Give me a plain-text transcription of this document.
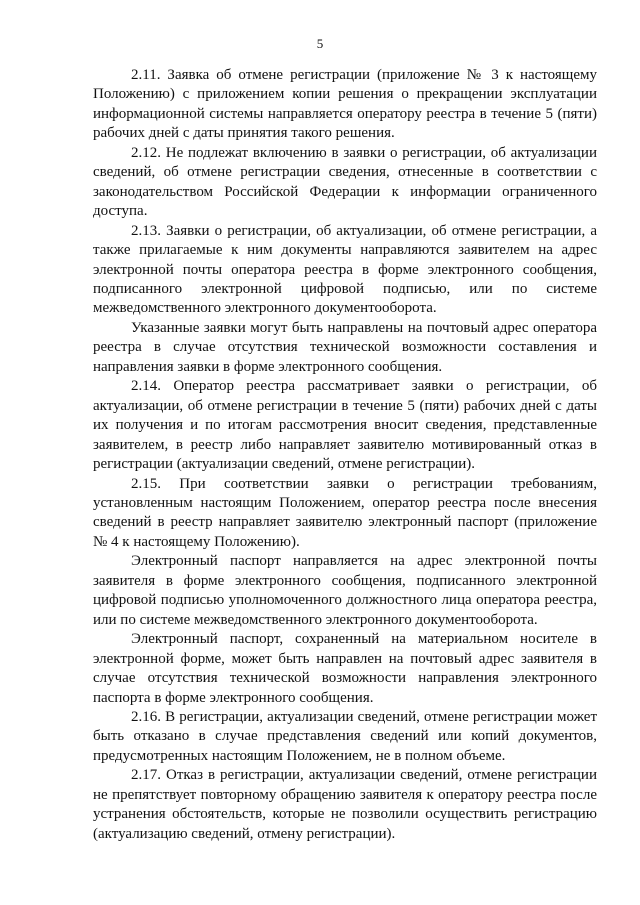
5

2.11. Заявка об отмене регистрации (приложение № 3 к настоящему Положению) с приложением копии решения о прекращении эксплуатации информационной системы направляется оператору реестра в течение 5 (пяти) рабочих дней с даты принятия такого решения.

2.12. Не подлежат включению в заявки о регистрации, об актуализации сведений, об отмене регистрации сведения, отнесенные в соответствии с законодательством Российской Федерации к информации ограниченного доступа.

2.13. Заявки о регистрации, об актуализации, об отмене регистрации, а также прилагаемые к ним документы направляются заявителем на адрес электронной почты оператора реестра в форме электронного сообщения, подписанного электронной цифровой подписью, или по системе межведомственного электронного документооборота.

Указанные заявки могут быть направлены на почтовый адрес оператора реестра в случае отсутствия технической возможности составления и направления заявки в форме электронного сообщения.

2.14. Оператор реестра рассматривает заявки о регистрации, об актуализации, об отмене регистрации в течение 5 (пяти) рабочих дней с даты их получения и по итогам рассмотрения вносит сведения, представленные заявителем, в реестр либо направляет заявителю мотивированный отказ в регистрации (актуализации сведений, отмене регистрации).

2.15. При соответствии заявки о регистрации требованиям, установленным настоящим Положением, оператор реестра после внесения сведений в реестр направляет заявителю электронный паспорт (приложение № 4 к настоящему Положению).

Электронный паспорт направляется на адрес электронной почты заявителя в форме электронного сообщения, подписанного электронной цифровой подписью уполномоченного должностного лица оператора реестра, или по системе межведомственного электронного документооборота.

Электронный паспорт, сохраненный на материальном носителе в электронной форме, может быть направлен на почтовый адрес заявителя в случае отсутствия технической возможности направления электронного паспорта в форме электронного сообщения.

2.16. В регистрации, актуализации сведений, отмене регистрации может быть отказано в случае представления сведений или копий документов, предусмотренных настоящим Положением, не в полном объеме.

2.17. Отказ в регистрации, актуализации сведений, отмене регистрации не препятствует повторному обращению заявителя к оператору реестра после устранения обстоятельств, которые не позволили осуществить регистрацию (актуализацию сведений, отмену регистрации).
